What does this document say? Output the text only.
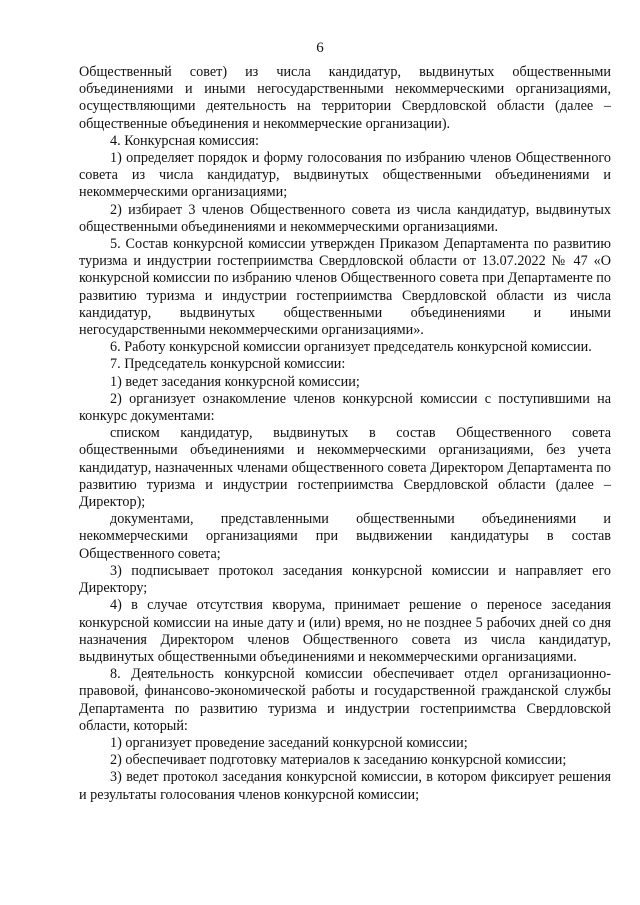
6

Общественный совет) из числа кандидатур, выдвинутых общественными объединениями и иными негосударственными некоммерческими организациями, осуществляющими деятельность на территории Свердловской области (далее – общественные объединения и некоммерческие организации).

4. Конкурсная комиссия:

1) определяет порядок и форму голосования по избранию членов Общественного совета из числа кандидатур, выдвинутых общественными объединениями и некоммерческими организациями;

2) избирает 3 членов Общественного совета из числа кандидатур, выдвинутых общественными объединениями и некоммерческими организациями.

5. Состав конкурсной комиссии утвержден Приказом Департамента по развитию туризма и индустрии гостеприимства Свердловской области от 13.07.2022 № 47 «О конкурсной комиссии по избранию членов Общественного совета при Департаменте по развитию туризма и индустрии гостеприимства Свердловской области из числа кандидатур, выдвинутых общественными объединениями и иными негосударственными некоммерческими организациями».

6. Работу конкурсной комиссии организует председатель конкурсной комиссии.

7. Председатель конкурсной комиссии:

1) ведет заседания конкурсной комиссии;

2) организует ознакомление членов конкурсной комиссии с поступившими на конкурс документами:

списком кандидатур, выдвинутых в состав Общественного совета общественными объединениями и некоммерческими организациями, без учета кандидатур, назначенных членами общественного совета Директором Департамента по развитию туризма и индустрии гостеприимства Свердловской области (далее – Директор);

документами, представленными общественными объединениями и некоммерческими организациями при выдвижении кандидатуры в состав Общественного совета;

3) подписывает протокол заседания конкурсной комиссии и направляет его Директору;

4) в случае отсутствия кворума, принимает решение о переносе заседания конкурсной комиссии на иные дату и (или) время, но не позднее 5 рабочих дней со дня назначения Директором членов Общественного совета из числа кандидатур, выдвинутых общественными объединениями и некоммерческими организациями.

8. Деятельность конкурсной комиссии обеспечивает отдел организационно-правовой, финансово-экономической работы и государственной гражданской службы Департамента по развитию туризма и индустрии гостеприимства Свердловской области, который:

1) организует проведение заседаний конкурсной комиссии;

2) обеспечивает подготовку материалов к заседанию конкурсной комиссии;

3) ведет протокол заседания конкурсной комиссии, в котором фиксирует решения и результаты голосования членов конкурсной комиссии;
